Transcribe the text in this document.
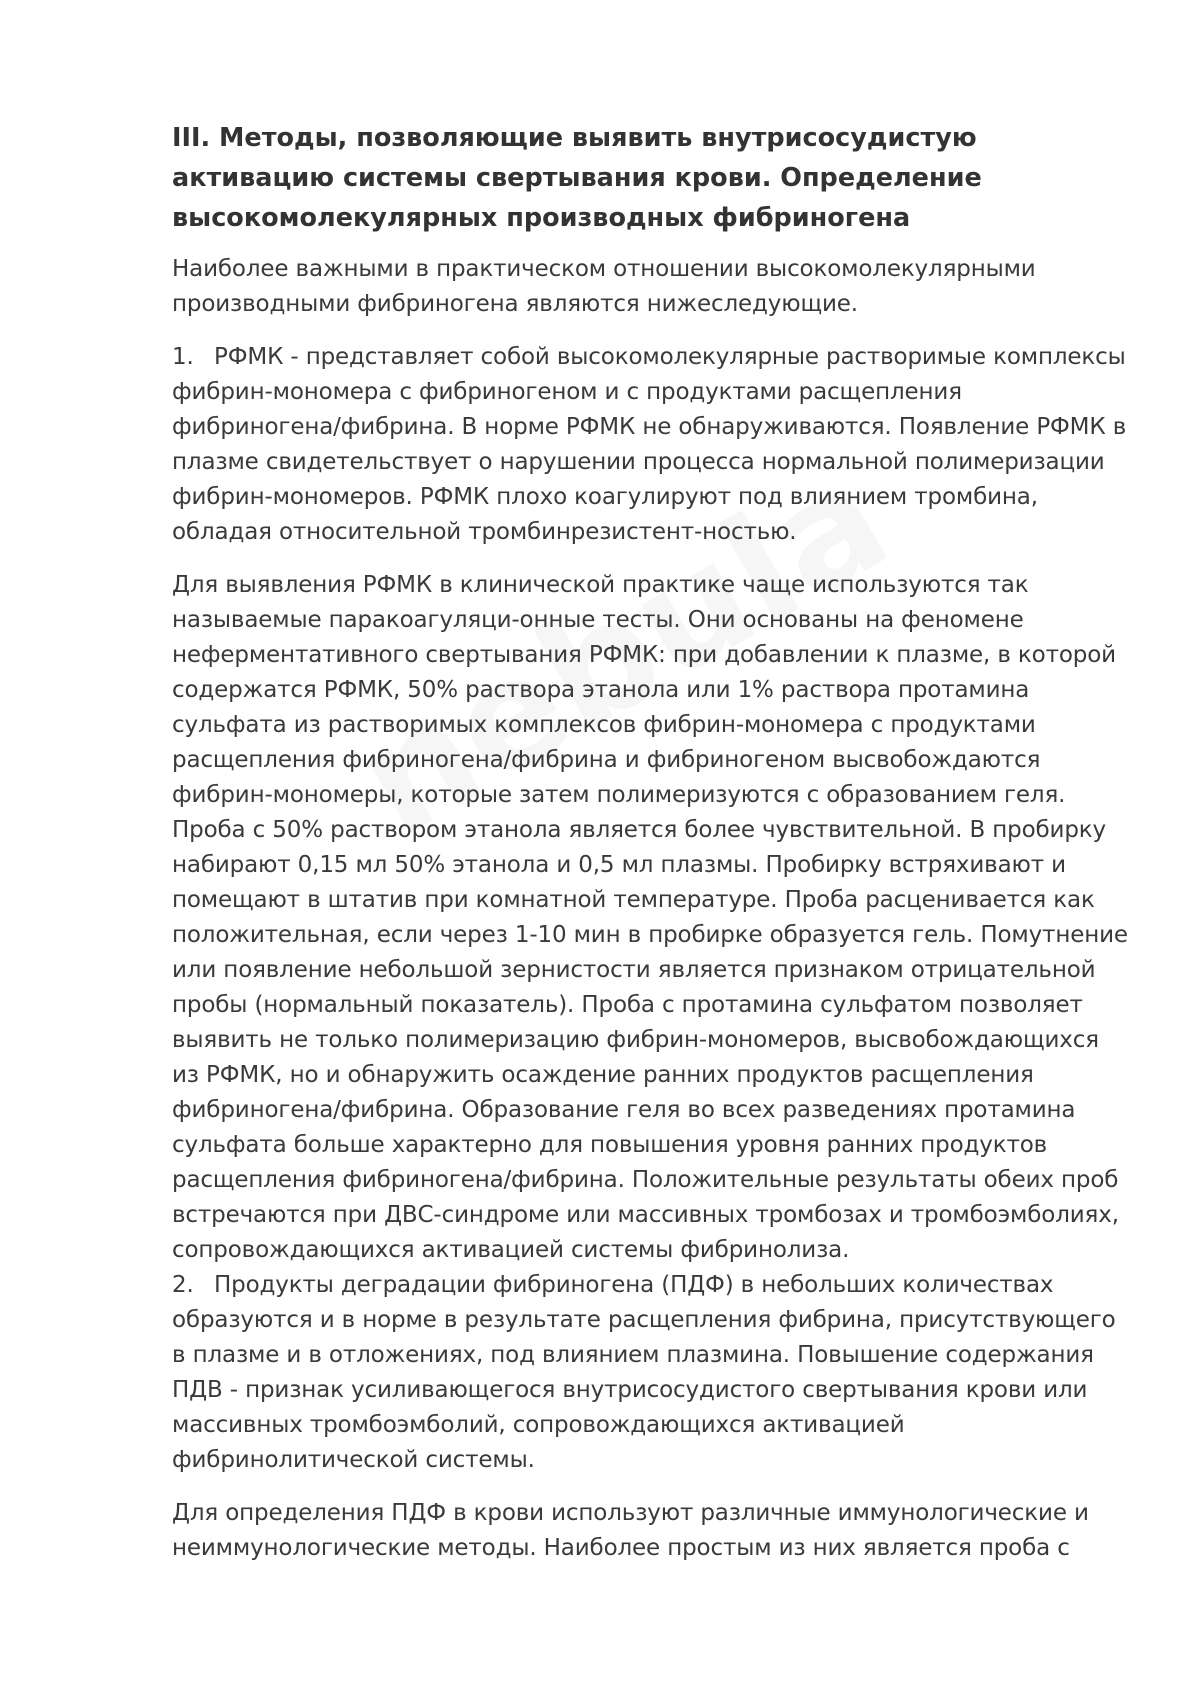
III. Методы, позволяющие выявить внутрисосудистую активацию системы свертывания крови. Определение высокомолекулярных производных фибриногена

Наиболее важными в практическом отношении высокомолекулярными производными фибриногена являются нижеследующие.

1. РФМК - представляет собой высокомолекулярные растворимые комплексы фибрин-мономера с фибриногеном и с продуктами расщепления фибриногена/фибрина. В норме РФМК не обнаруживаются. Появление РФМК в плазме свидетельствует о нарушении процесса нормальной полимеризации фибрин-мономеров. РФМК плохо коагулируют под влиянием тромбина, обладая относительной тромбинрезистент-ностью.

Для выявления РФМК в клинической практике чаще используются так называемые паракоагуляци-онные тесты. Они основаны на феномене неферментативного свертывания РФМК: при добавлении к плазме, в которой содержатся РФМК, 50% раствора этанола или 1% раствора протамина сульфата из растворимых комплексов фибрин-мономера с продуктами расщепления фибриногена/фибрина и фибриногеном высвобождаются фибрин-мономеры, которые затем полимеризуются с образованием геля. Проба с 50% раствором этанола является более чувствительной. В пробирку набирают 0,15 мл 50% этанола и 0,5 мл плазмы. Пробирку встряхивают и помещают в штатив при комнатной температуре. Проба расценивается как положительная, если через 1-10 мин в пробирке образуется гель. Помутнение или появление небольшой зернистости является признаком отрицательной пробы (нормальный показатель). Проба с протамина сульфатом позволяет выявить не только полимеризацию фибрин-мономеров, высвобождающихся из РФМК, но и обнаружить осаждение ранних продуктов расщепления фибриногена/фибрина. Образование геля во всех разведениях протамина сульфата больше характерно для повышения уровня ранних продуктов расщепления фибриногена/фибрина. Положительные результаты обеих проб встречаются при ДВС-синдроме или массивных тромбозах и тромбоэмболиях, сопровождающихся активацией системы фибринолиза.

2. Продукты деградации фибриногена (ПДФ) в небольших количествах образуются и в норме в результате расщепления фибрина, присутствующего в плазме и в отложениях, под влиянием плазмина. Повышение содержания ПДВ - признак усиливающегося внутрисосудистого свертывания крови или массивных тромбоэмболий, сопровождающихся активацией фибринолитической системы.

Для определения ПДФ в крови используют различные иммунологические и неиммунологические методы. Наиболее простым из них является проба с
